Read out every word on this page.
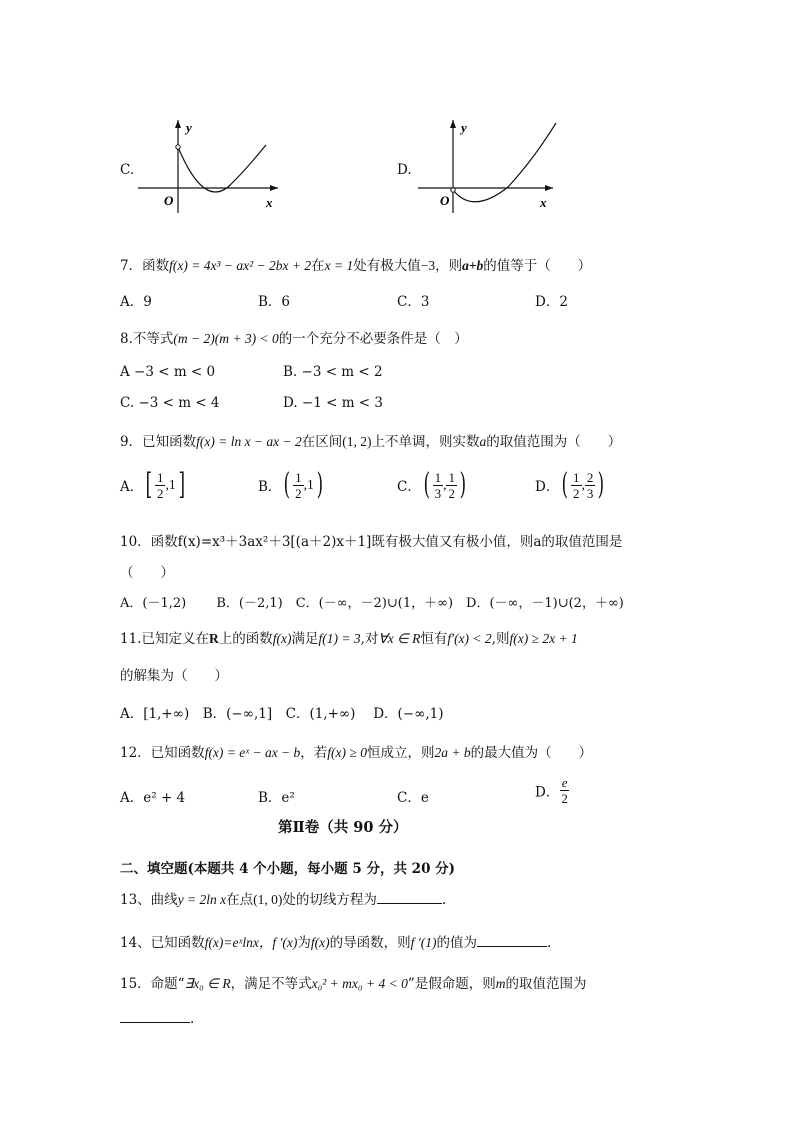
C.
y
x
O
D.
y
x
O
7．函数f(x) = 4x³ − ax² − 2bx + 2在x = 1处有极大值−3，则a+b的值等于（　　）
A．9	B．6	C．3	D．2
8.不等式(m − 2)(m + 3) < 0的一个充分不必要条件是（　）
A −3 < m < 0	B. −3 < m < 2
C. −3 < m < 4	D. −1 < m < 3
9．已知函数f(x) = ln x − ax − 2在区间(1, 2)上不单调，则实数a的取值范围为（　　）
A．[ $\frac{1}{2} ,1$]	B．( $\frac{1}{2} ,1$)	C．( $\frac{1}{3}$ , $\frac{1}{2}$ )	D．( $\frac{1}{2}$ , $\frac{2}{3}$ )
10．函数f(x)=x³＋3ax²＋3[(a＋2)x＋1]既有极大值又有极小值，则a的取值范围是
（　　）
A．(－1,2)　　 B．(－2,1)　C．(－∞，－2)∪(1，＋∞)　D．(－∞，－1)∪(2，＋∞)
11.已知定义在R上的函数f(x)满足f(1) = 3,对∀x ∈ R恒有f′(x) < 2,则f(x) ≥ 2x + 1
的解集为（　　）
A．[1,+∞)　B．(−∞,1]　C．(1,+∞)　 D．(−∞,1)
12．已知函数f(x) = eˣ − ax − b，若f(x) ≥ 0恒成立，则2a + b的最大值为（　　）
A．e² + 4	B．e²	C．e	D． $\frac{e}{2}$
第Ⅱ卷（共 90 分）
二、填空题(本题共 4 个小题，每小题 5 分，共 20 分)
13、曲线y = 2ln x在点(1, 0)处的切线方程为	.
14、已知函数f(x)=eˣlnx，f ′(x)为f(x)的导函数，则f ′(1)的值为	.
15．命题“∃x₀ ∈ R，满足不等式x₀² + mx₀ + 4 < 0”是假命题，则m的取值范围为
.
